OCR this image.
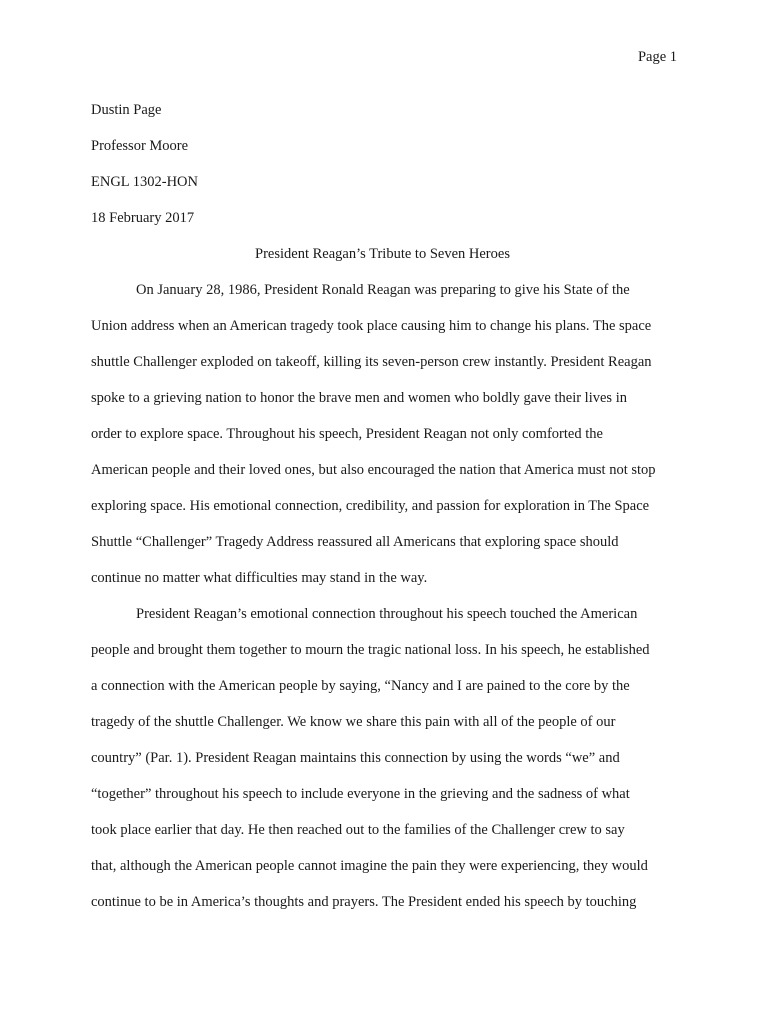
Page 1
Dustin Page
Professor Moore
ENGL 1302-HON
18 February 2017
President Reagan’s Tribute to Seven Heroes
On January 28, 1986, President Ronald Reagan was preparing to give his State of the
Union address when an American tragedy took place causing him to change his plans. The space
shuttle Challenger exploded on takeoff, killing its seven-person crew instantly. President Reagan
spoke to a grieving nation to honor the brave men and women who boldly gave their lives in
order to explore space. Throughout his speech, President Reagan not only comforted the
American people and their loved ones, but also encouraged the nation that America must not stop
exploring space. His emotional connection, credibility, and passion for exploration in The Space
Shuttle “Challenger” Tragedy Address reassured all Americans that exploring space should
continue no matter what difficulties may stand in the way.
President Reagan’s emotional connection throughout his speech touched the American
people and brought them together to mourn the tragic national loss. In his speech, he established
a connection with the American people by saying, “Nancy and I are pained to the core by the
tragedy of the shuttle Challenger. We know we share this pain with all of the people of our
country” (Par. 1). President Reagan maintains this connection by using the words “we” and
“together” throughout his speech to include everyone in the grieving and the sadness of what
took place earlier that day. He then reached out to the families of the Challenger crew to say
that, although the American people cannot imagine the pain they were experiencing, they would
continue to be in America’s thoughts and prayers. The President ended his speech by touching
